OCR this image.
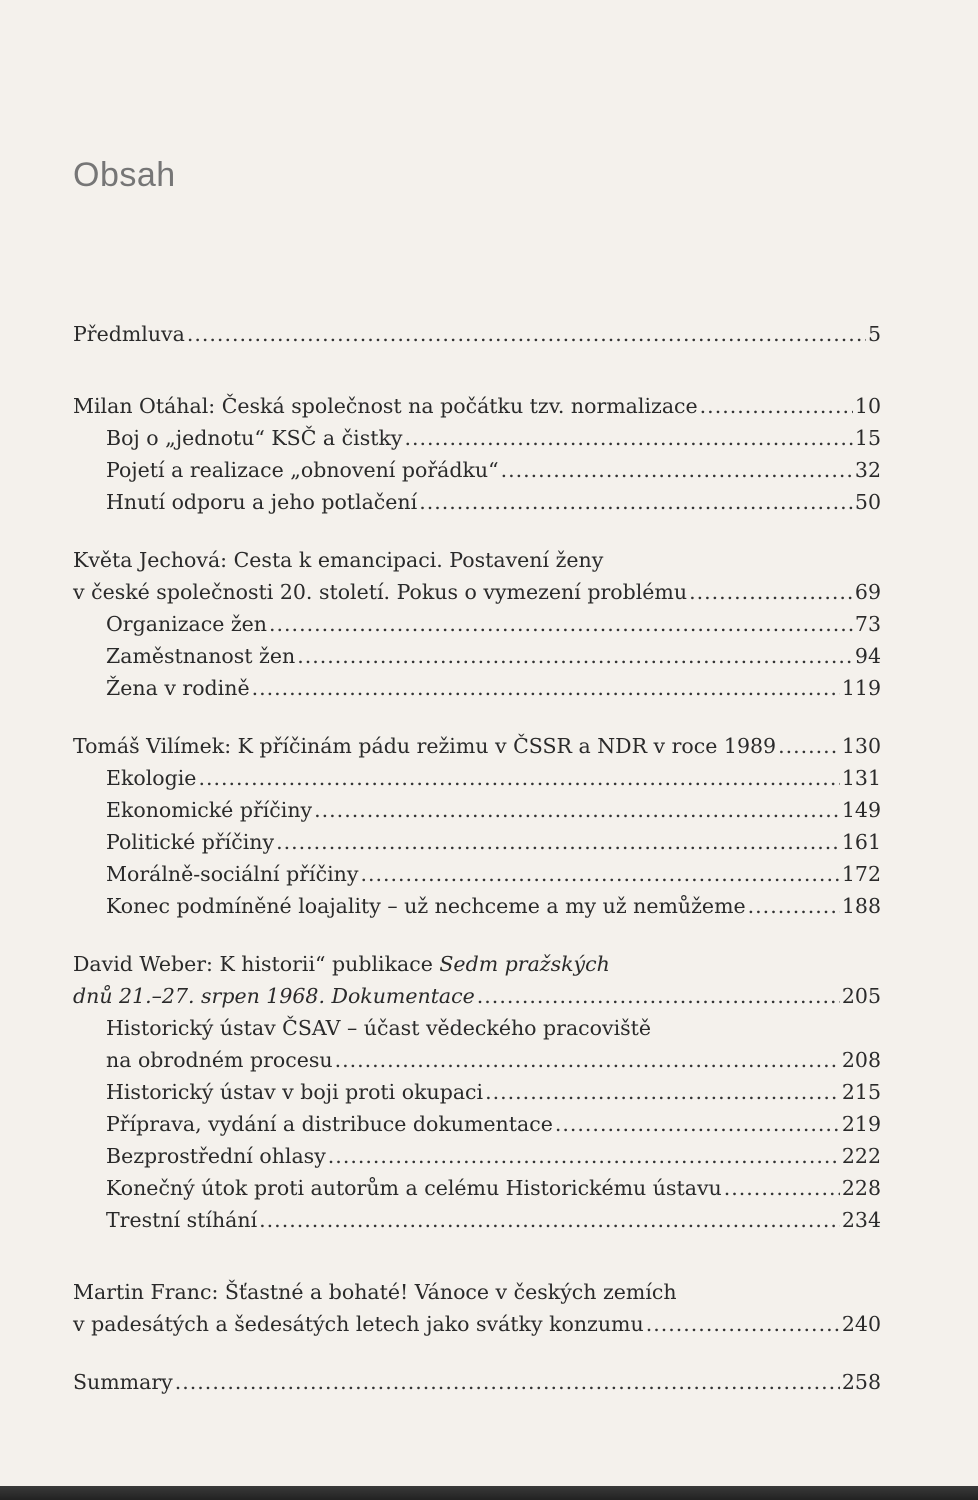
Obsah
Předmluva .....	5
Milan Otáhal: Česká společnost na počátku tzv. normalizace .....	10
Boj o „jednotu“ KSČ a čistky .....	15
Pojetí a realizace „obnovení pořádku“ .....	32
Hnutí odporu a jeho potlačení .....	50
Květa Jechová: Cesta k emancipaci. Postavení ženy
v české společnosti 20. století. Pokus o vymezení problému .....	69
Organizace žen .....	73
Zaměstnanost žen .....	94
Žena v rodině .....	119
Tomáš Vilímek: K příčinám pádu režimu v ČSSR a NDR v roce 1989 .....	130
Ekologie .....	131
Ekonomické příčiny .....	149
Politické příčiny .....	161
Morálně-sociální příčiny .....	172
Konec podmíněné loajality – už nechceme a my už nemůžeme .....	188
David Weber: K historii“ publikace Sedm pražských
dnů 21.–27. srpen 1968. Dokumentace .....	205
Historický ústav ČSAV – účast vědeckého pracoviště
na obrodném procesu .....	208
Historický ústav v boji proti okupaci .....	215
Příprava, vydání a distribuce dokumentace .....	219
Bezprostřední ohlasy .....	222
Konečný útok proti autorům a celému Historickému ústavu .....	228
Trestní stíhání .....	234
Martin Franc: Šťastné a bohaté! Vánoce v českých zemích
v padesátých a šedesátých letech jako svátky konzumu .....	240
Summary .....	258
